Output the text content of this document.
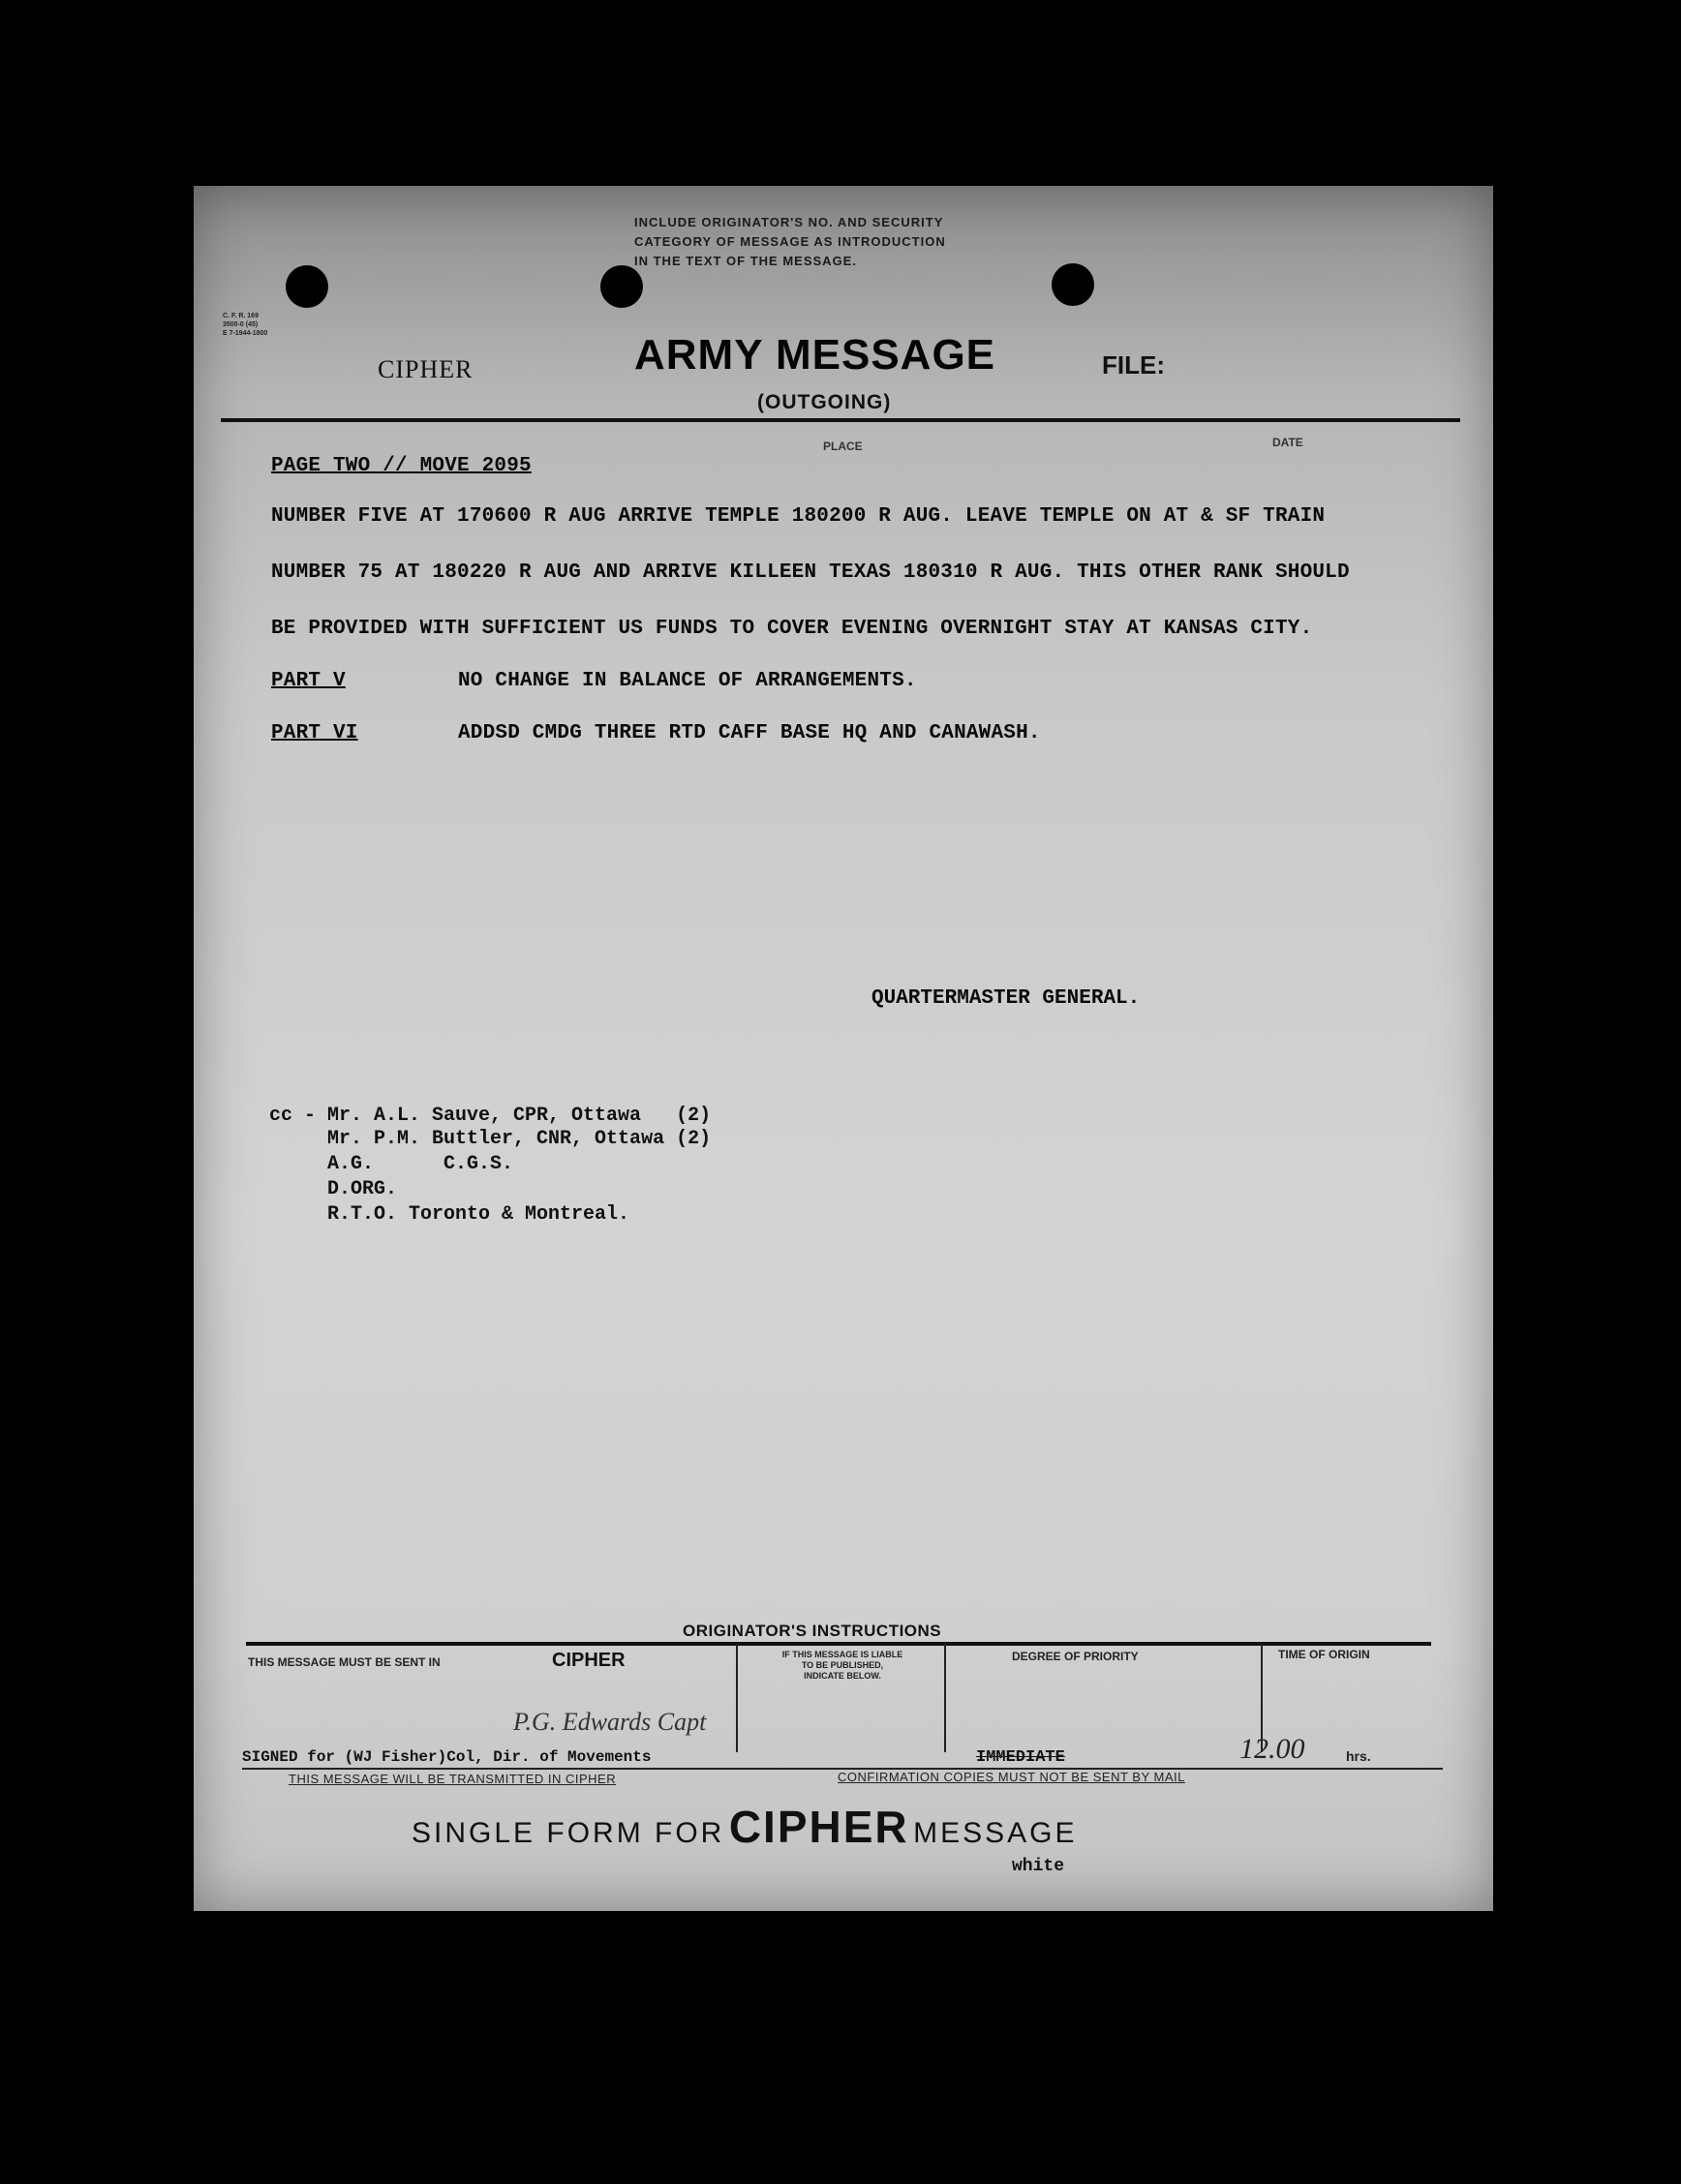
INCLUDE ORIGINATOR'S NO. AND SECURITY
CATEGORY OF MESSAGE AS INTRODUCTION
IN THE TEXT OF THE MESSAGE.
C. F. R. 169
3500-0 (45)
E 7-1944-1800
CIPHER	ARMY MESSAGE
(OUTGOING)
FILE:
PLACE	DATE
PAGE TWO // MOVE 2095
NUMBER FIVE AT 170600 R AUG ARRIVE TEMPLE 180200 R AUG. LEAVE TEMPLE ON AT & SF TRAIN
NUMBER 75 AT 180220 R AUG AND ARRIVE KILLEEN TEXAS 180310 R AUG. THIS OTHER RANK SHOULD
BE PROVIDED WITH SUFFICIENT US FUNDS TO COVER EVENING OVERNIGHT STAY AT KANSAS CITY.
PART V	NO CHANGE IN BALANCE OF ARRANGEMENTS.
PART VI	ADDSD CMDG THREE RTD CAFF BASE HQ AND CANAWASH.
QUARTERMASTER GENERAL.
cc - Mr. A.L. Sauve, CPR, Ottawa   (2)
Mr. P.M. Buttler, CNR, Ottawa (2)
A.G.      C.G.S.
D.ORG.
R.T.O. Toronto & Montreal.
ORIGINATOR'S INSTRUCTIONS
THIS MESSAGE MUST BE SENT IN	CIPHER	IF THIS MESSAGE IS LIABLE
TO BE PUBLISHED,
INDICATE BELOW.
DEGREE OF PRIORITY	TIME OF ORIGIN
P.G. Edwards Capt
SIGNED for (WJ Fisher)Col, Dir. of Movements	IMMEDIATE	12.00	hrs.
THIS MESSAGE WILL BE TRANSMITTED IN CIPHER	CONFIRMATION COPIES MUST NOT BE SENT BY MAIL
SINGLE FORM FOR CIPHER MESSAGE
white
